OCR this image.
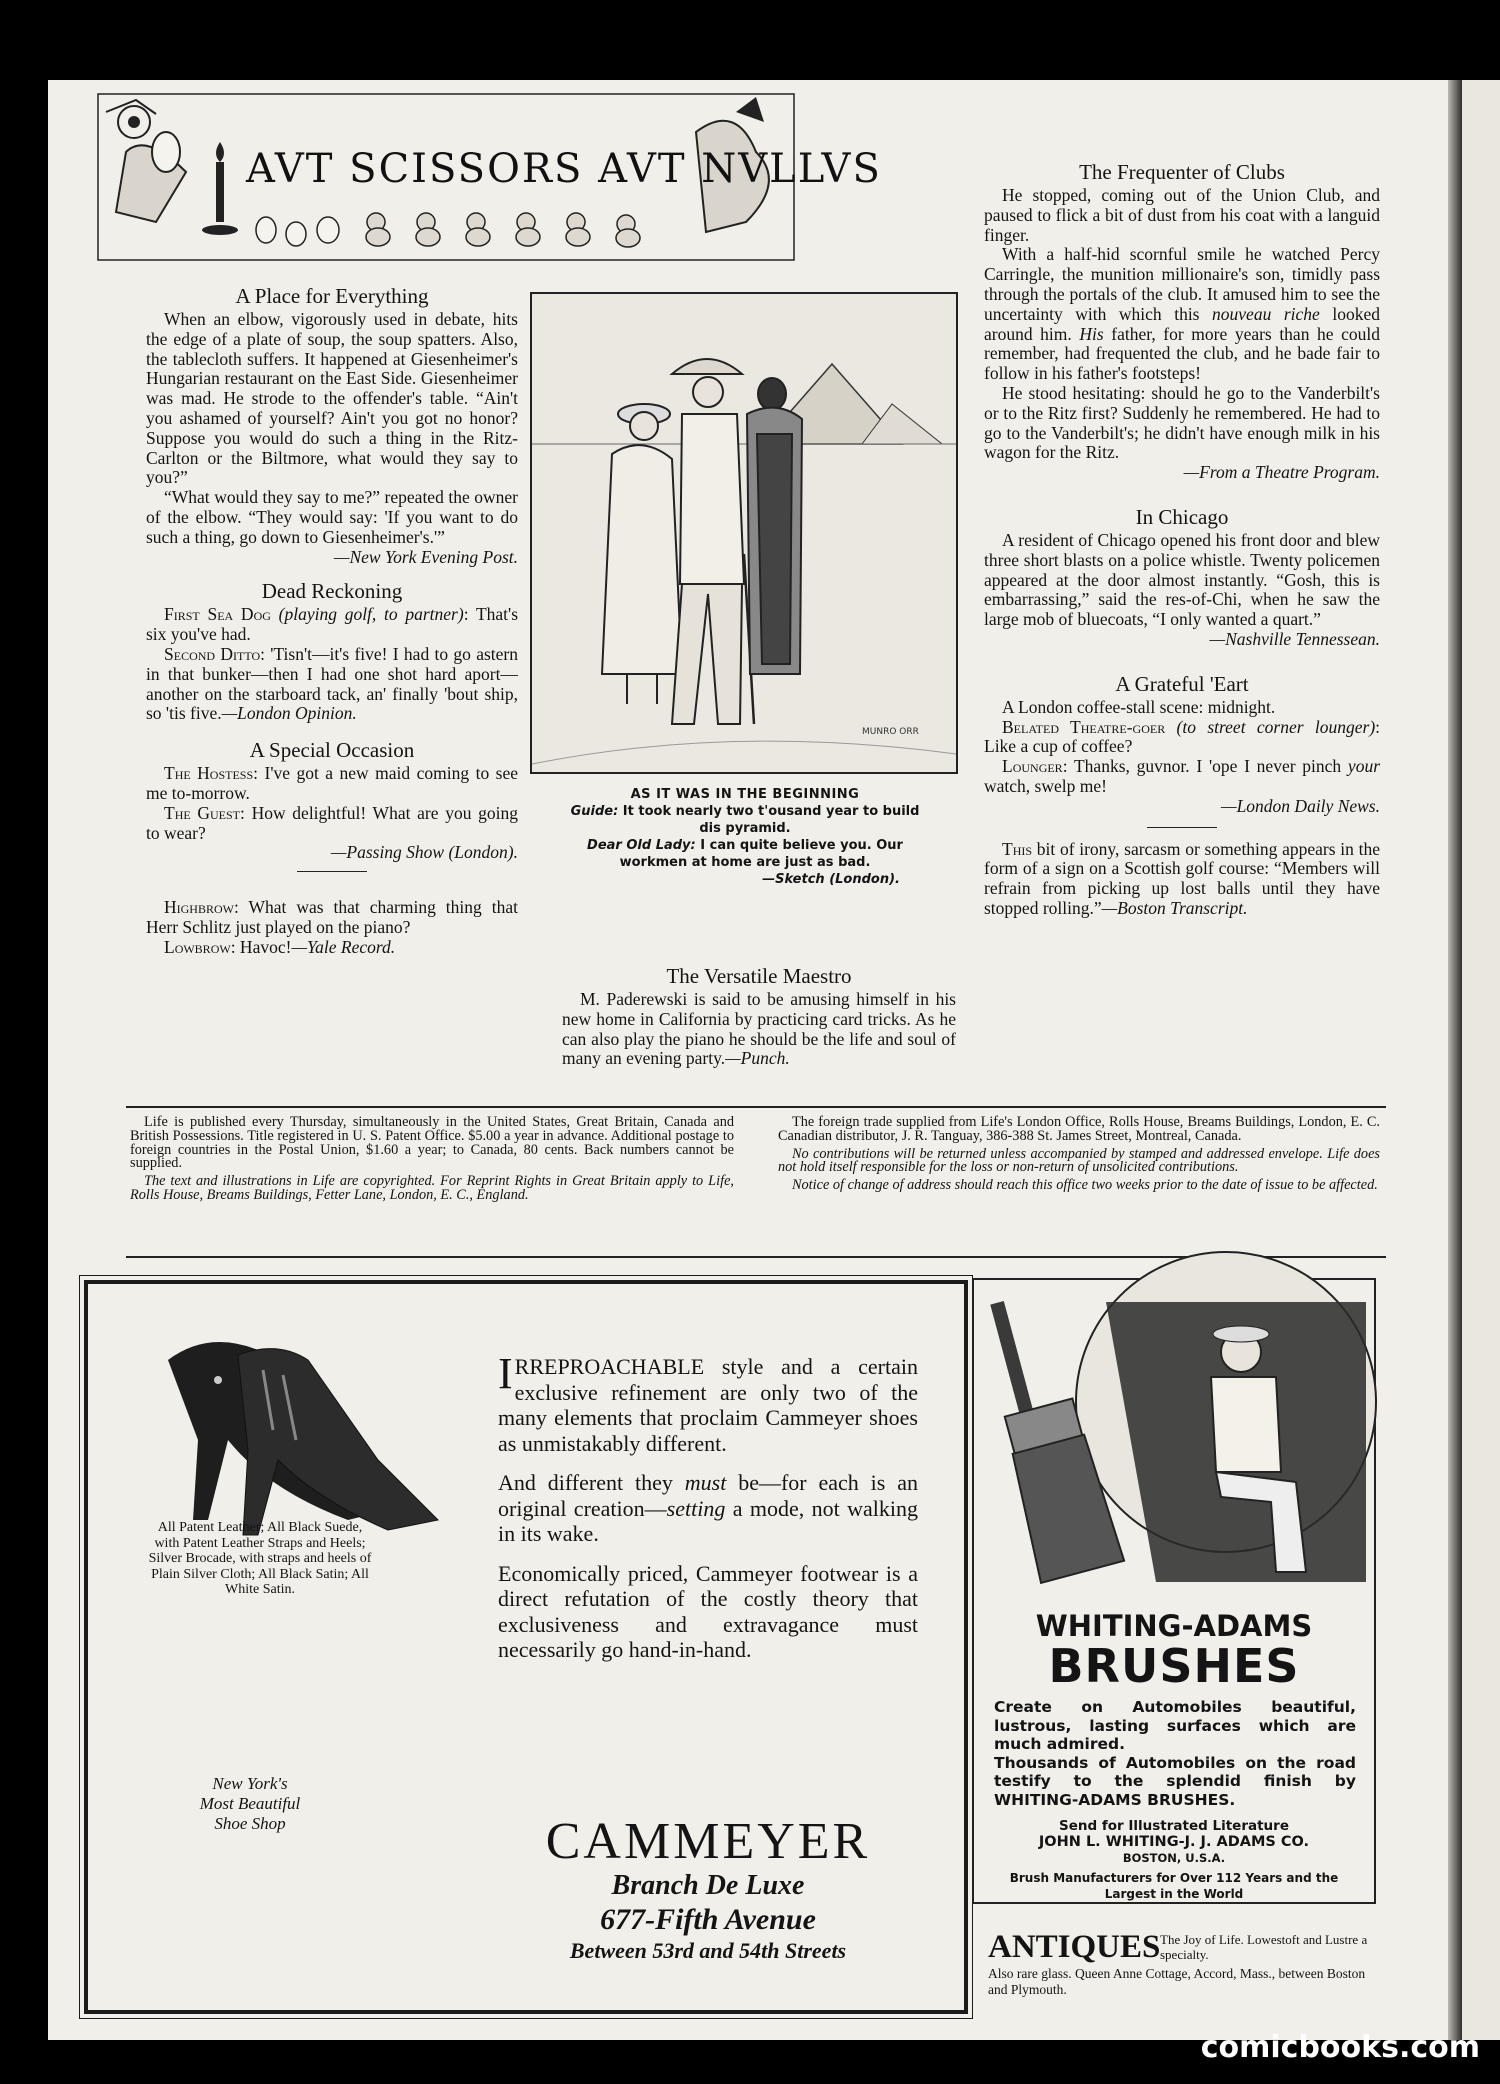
AVT SCISSORS AVT NVLLVS
A Place for Everything

When an elbow, vigorously used in debate, hits the edge of a plate of soup, the soup spatters. Also, the tablecloth suffers. It happened at Giesenheimer's Hungarian restaurant on the East Side. Giesenheimer was mad. He strode to the offender's table. “Ain't you ashamed of yourself? Ain't you got no honor? Suppose you would do such a thing in the Ritz-Carlton or the Biltmore, what would they say to you?”

“What would they say to me?” repeated the owner of the elbow. “They would say: 'If you want to do such a thing, go down to Giesenheimer's.'”

—New York Evening Post.

Dead Reckoning

First Sea Dog (playing golf, to partner): That's six you've had.

Second Ditto: 'Tisn't—it's five! I had to go astern in that bunker—then I had one shot hard aport—another on the starboard tack, an' finally 'bout ship, so 'tis five.—London Opinion.

A Special Occasion

The Hostess: I've got a new maid coming to see me to-morrow.

The Guest: How delightful! What are you going to wear?

—Passing Show (London).

Highbrow: What was that charming thing that Herr Schlitz just played on the piano?

Lowbrow: Havoc!—Yale Record.

MUNRO ORR

AS IT WAS IN THE BEGINNING

Guide: It took nearly two t'ousand year to build dis pyramid.

Dear Old Lady: I can quite believe you. Our workmen at home are just as bad.

—Sketch (London).

The Versatile Maestro

M. Paderewski is said to be amusing himself in his new home in California by practicing card tricks. As he can also play the piano he should be the life and soul of many an evening party.—Punch.

The Frequenter of Clubs

He stopped, coming out of the Union Club, and paused to flick a bit of dust from his coat with a languid finger.

With a half-hid scornful smile he watched Percy Carringle, the munition millionaire's son, timidly pass through the portals of the club. It amused him to see the uncertainty with which this nouveau riche looked around him. His father, for more years than he could remember, had frequented the club, and he bade fair to follow in his father's footsteps!

He stood hesitating: should he go to the Vanderbilt's or to the Ritz first? Suddenly he remembered. He had to go to the Vanderbilt's; he didn't have enough milk in his wagon for the Ritz.

—From a Theatre Program.

In Chicago

A resident of Chicago opened his front door and blew three short blasts on a police whistle. Twenty policemen appeared at the door almost instantly. “Gosh, this is embarrassing,” said the res-of-Chi, when he saw the large mob of bluecoats, “I only wanted a quart.”

—Nashville Tennessean.

A Grateful 'Eart

A London coffee-stall scene: midnight.

Belated Theatre-goer (to street corner lounger): Like a cup of coffee?

Lounger: Thanks, guvnor. I 'ope I never pinch your watch, swelp me!

—London Daily News.

This bit of irony, sarcasm or something appears in the form of a sign on a Scottish golf course: “Members will refrain from picking up lost balls until they have stopped rolling.”—Boston Transcript.

Life is published every Thursday, simultaneously in the United States, Great Britain, Canada and British Possessions. Title registered in U. S. Patent Office. $5.00 a year in advance. Additional postage to foreign countries in the Postal Union, $1.60 a year; to Canada, 80 cents. Back numbers cannot be supplied.

The text and illustrations in Life are copyrighted. For Reprint Rights in Great Britain apply to Life, Rolls House, Breams Buildings, Fetter Lane, London, E. C., England.

The foreign trade supplied from Life's London Office, Rolls House, Breams Buildings, London, E. C. Canadian distributor, J. R. Tanguay, 386-388 St. James Street, Montreal, Canada.

No contributions will be returned unless accompanied by stamped and addressed envelope. Life does not hold itself responsible for the loss or non-return of unsolicited contributions.

Notice of change of address should reach this office two weeks prior to the date of issue to be affected.

All Patent Leather; All Black Suede, with Patent Leather Straps and Heels; Silver Brocade, with straps and heels of Plain Silver Cloth; All Black Satin; All White Satin.

IRREPROACHABLE style and a certain exclusive refinement are only two of the many elements that proclaim Cammeyer shoes as unmistakably different.

And different they must be—for each is an original creation—setting a mode, not walking in its wake.

Economically priced, Cammeyer footwear is a direct refutation of the costly theory that exclusiveness and extravagance must necessarily go hand-in-hand.

New York's
Most Beautiful
Shoe Shop	CAMMEYER
Branch De Luxe
677-Fifth Avenue
Between 53rd and 54th Streets
WHITING-ADAMS
BRUSHES
Create on Automobiles beautiful, lustrous, lasting surfaces which are much admired.
Thousands of Automobiles on the road testify to the splendid finish by WHITING-ADAMS BRUSHES.
Send for Illustrated Literature
JOHN L. WHITING-J. J. ADAMS CO.
BOSTON, U.S.A.
Brush Manufacturers for Over 112 Years and the Largest in the World
ANTIQUES The Joy of Life. Lowestoft and Lustre a specialty.
Also rare glass. Queen Anne Cottage, Accord, Mass., between Boston and Plymouth.
comicbooks.com
